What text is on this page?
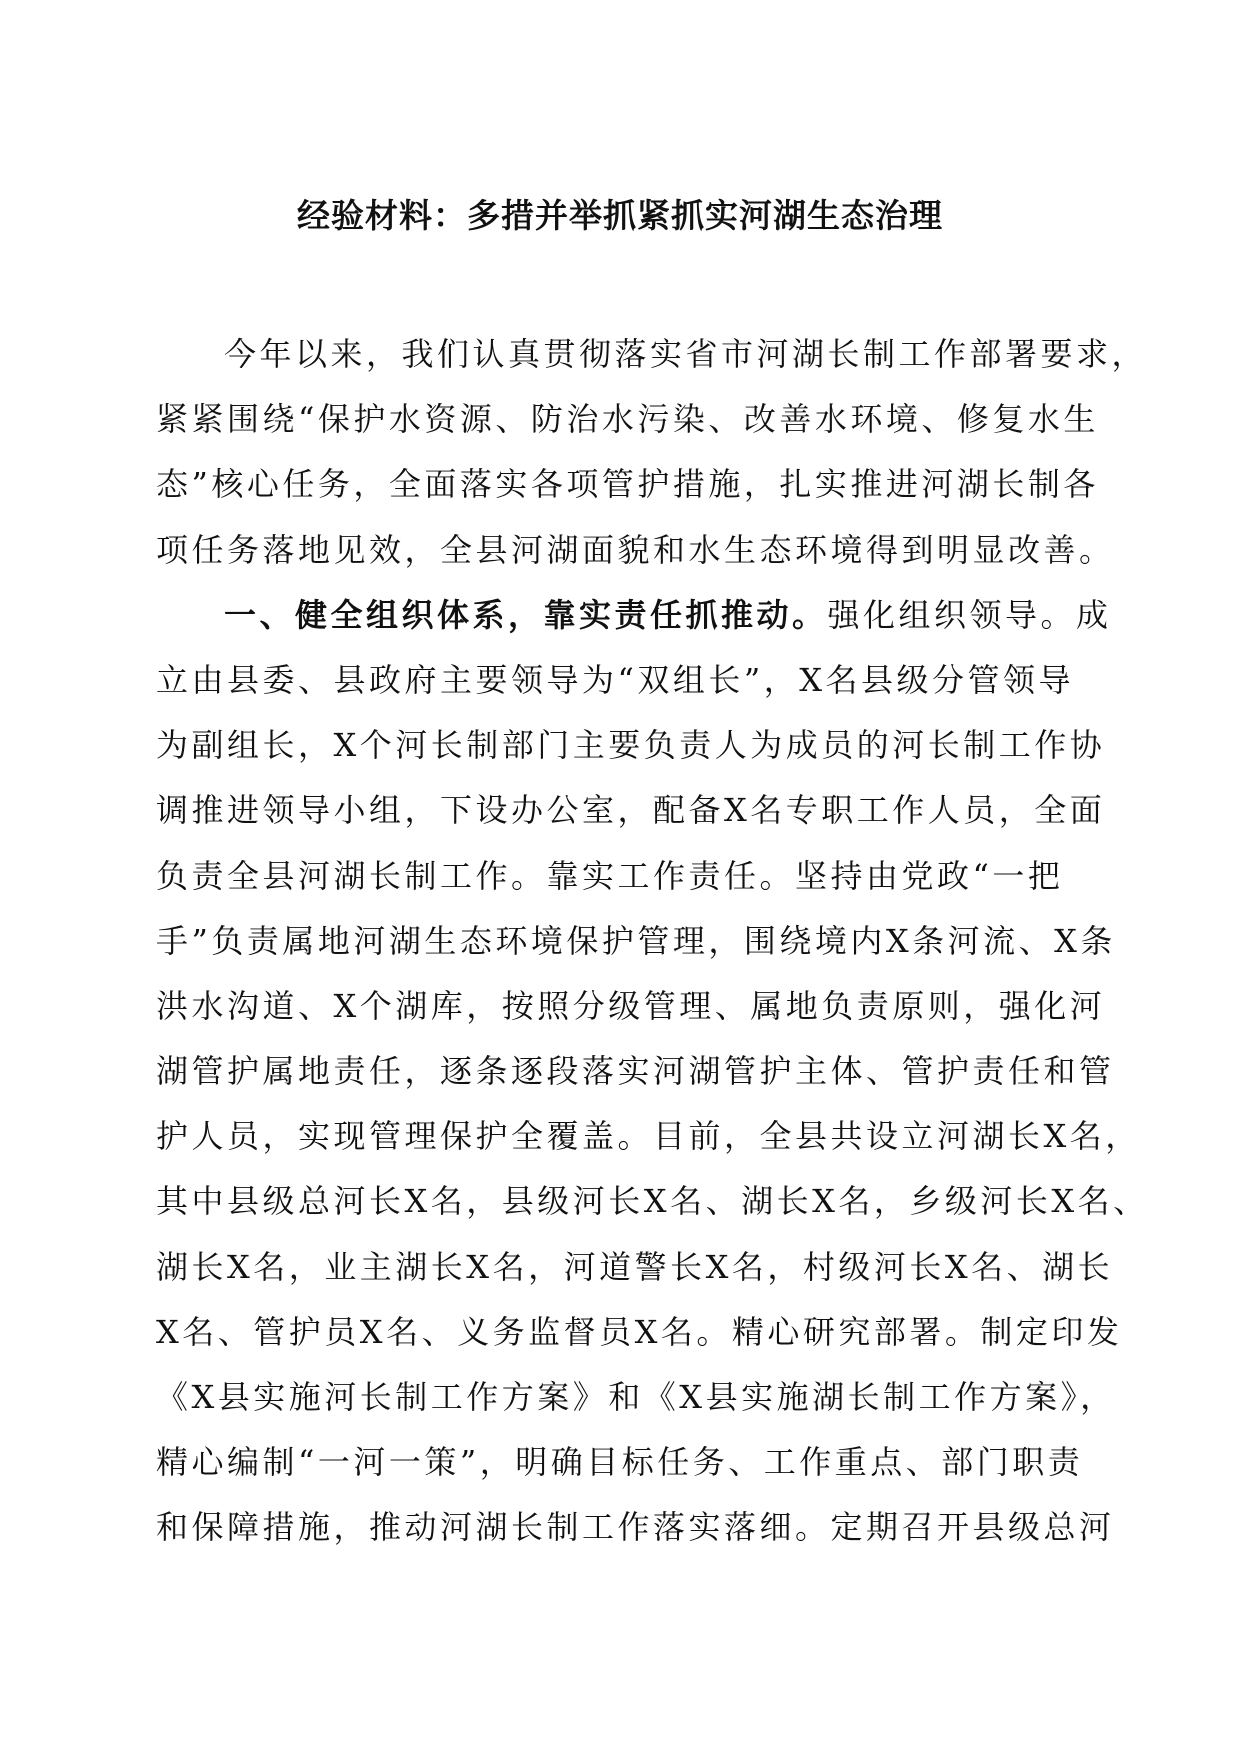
经验材料：多措并举抓紧抓实河湖生态治理
今年以来，我们认真贯彻落实省市河湖长制工作部署要求，
紧紧围绕“保护水资源、防治水污染、改善水环境、修复水生
态”核心任务，全面落实各项管护措施，扎实推进河湖长制各
项任务落地见效，全县河湖面貌和水生态环境得到明显改善。
一、健全组织体系，靠实责任抓推动。强化组织领导。成
立由县委、县政府主要领导为“双组长”，X名县级分管领导
为副组长，X个河长制部门主要负责人为成员的河长制工作协
调推进领导小组，下设办公室，配备X名专职工作人员，全面
负责全县河湖长制工作。靠实工作责任。坚持由党政“一把
手”负责属地河湖生态环境保护管理，围绕境内X条河流、X条
洪水沟道、X个湖库，按照分级管理、属地负责原则，强化河
湖管护属地责任，逐条逐段落实河湖管护主体、管护责任和管
护人员，实现管理保护全覆盖。目前，全县共设立河湖长X名，
其中县级总河长X名，县级河长X名、湖长X名，乡级河长X名、
湖长X名，业主湖长X名，河道警长X名，村级河长X名、湖长
X名、管护员X名、义务监督员X名。精心研究部署。制定印发
《X县实施河长制工作方案》和《X县实施湖长制工作方案》，
精心编制“一河一策”，明确目标任务、工作重点、部门职责
和保障措施，推动河湖长制工作落实落细。定期召开县级总河
